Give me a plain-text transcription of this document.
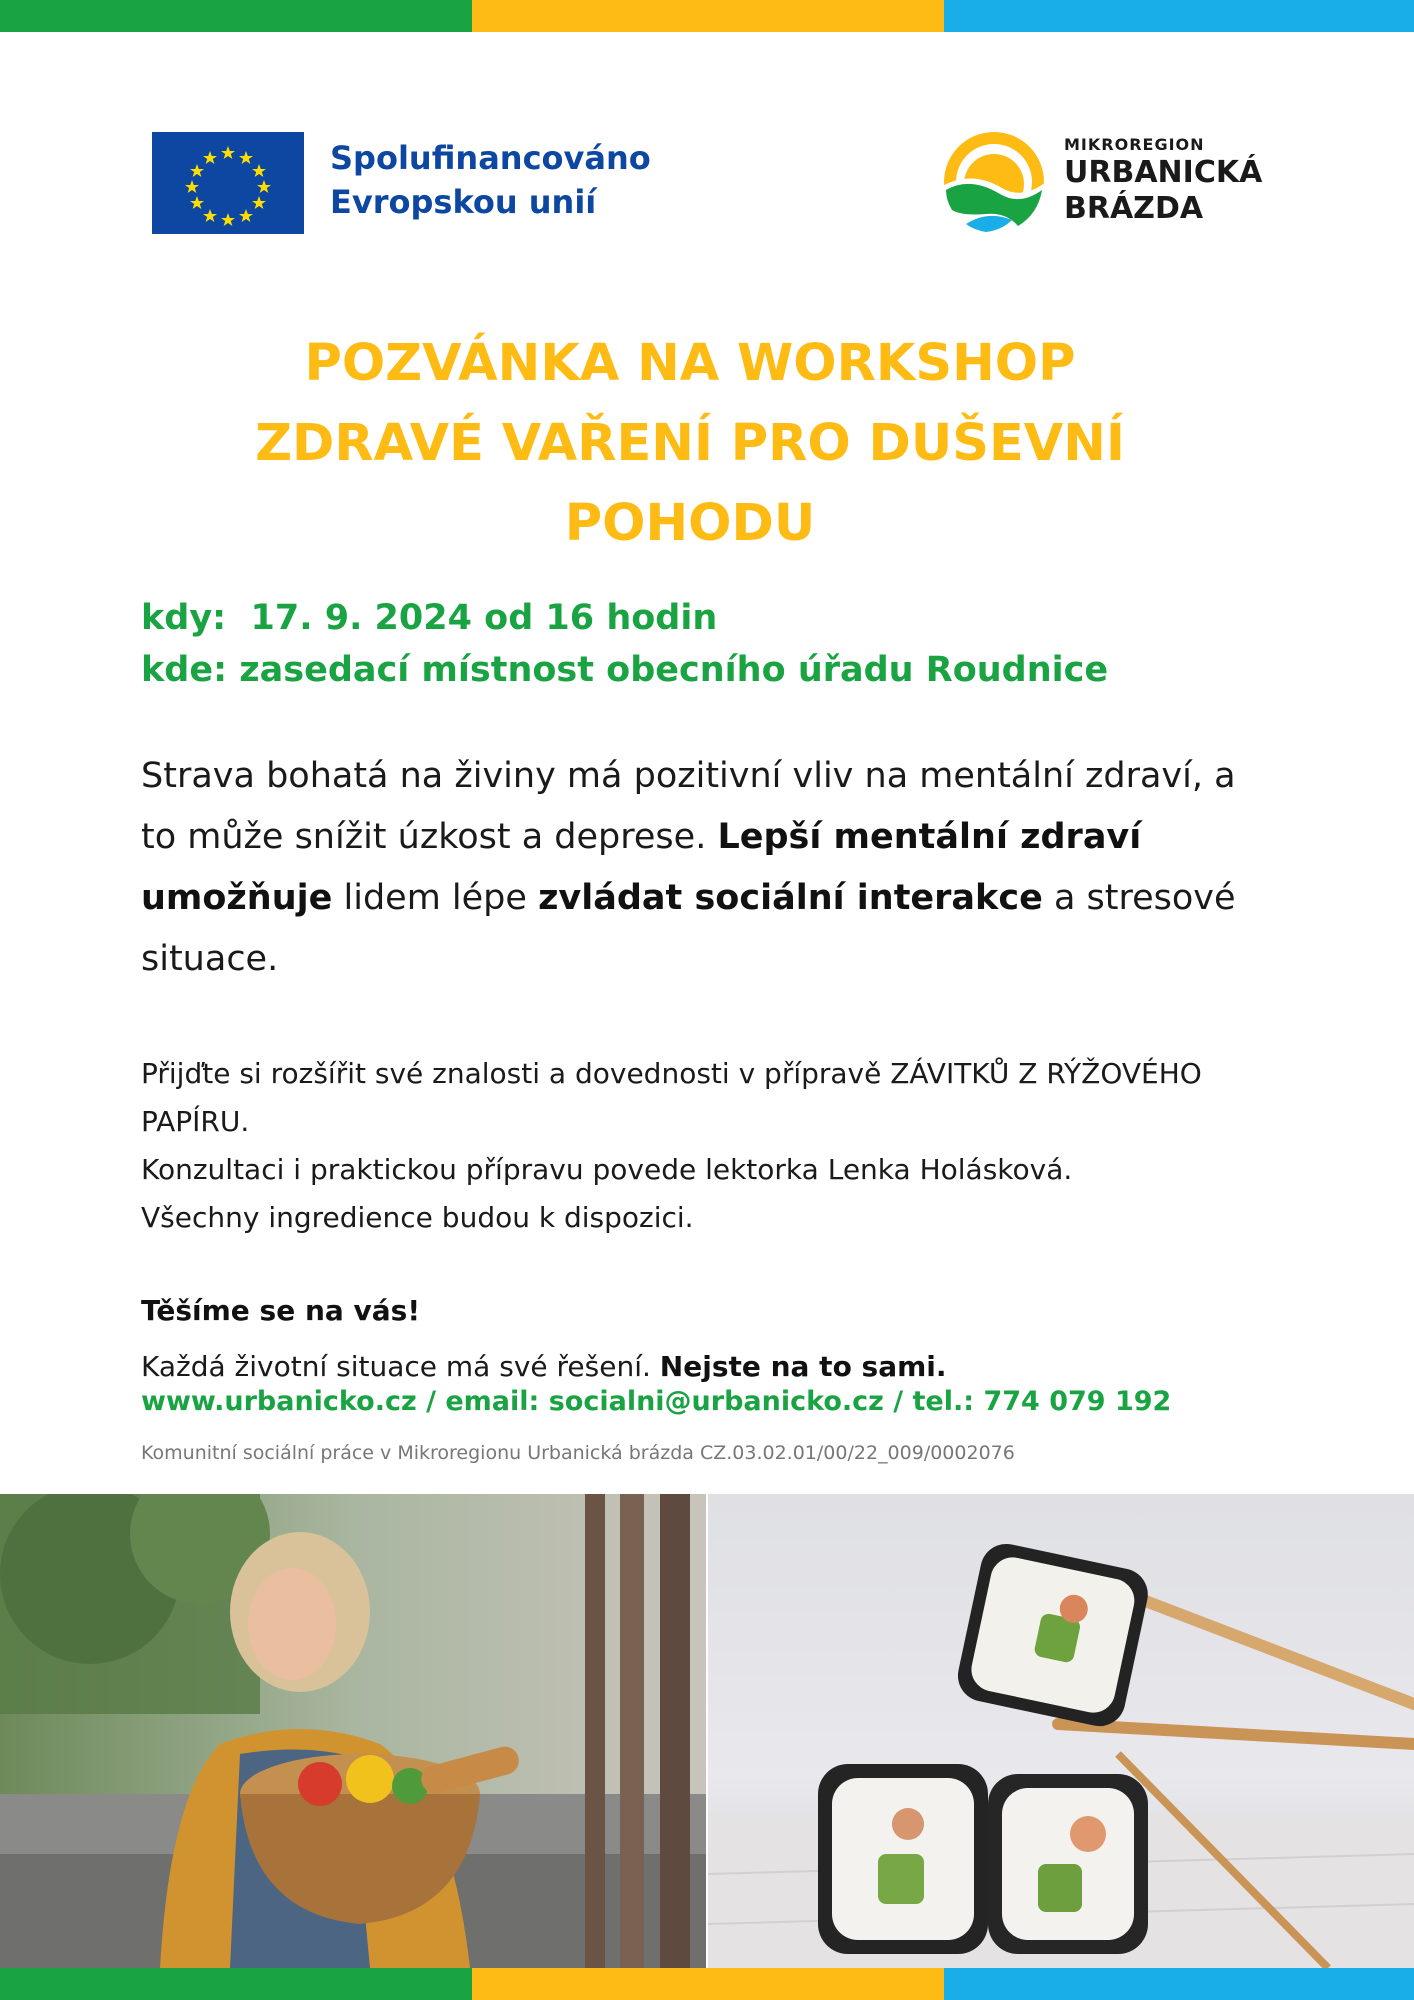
Spolufinancováno
Evropskou unií
MIKROREGION
URBANICKÁ
BRÁZDA
POZVÁNKA NA WORKSHOP
ZDRAVÉ VAŘENÍ PRO DUŠEVNÍ
POHODU
kdy: 17. 9. 2024 od 16 hodin
kde: zasedací místnost obecního úřadu Roudnice
Strava bohatá na živiny má pozitivní vliv na mentální zdraví, a to může snížit úzkost a deprese. Lepší mentální zdraví umožňuje lidem lépe zvládat sociální interakce a stresové situace.
Přijďte si rozšířit své znalosti a dovednosti v přípravě ZÁVITKŮ Z RÝŽOVÉHO PAPÍRU.
Konzultaci i praktickou přípravu povede lektorka Lenka Holásková.
Všechny ingredience budou k dispozici.
Těšíme se na vás!
Každá životní situace má své řešení. Nejste na to sami.
www.urbanicko.cz / email: socialni@urbanicko.cz / tel.: 774 079 192
Komunitní sociální práce v Mikroregionu Urbanická brázda CZ.03.02.01/00/22_009/0002076
